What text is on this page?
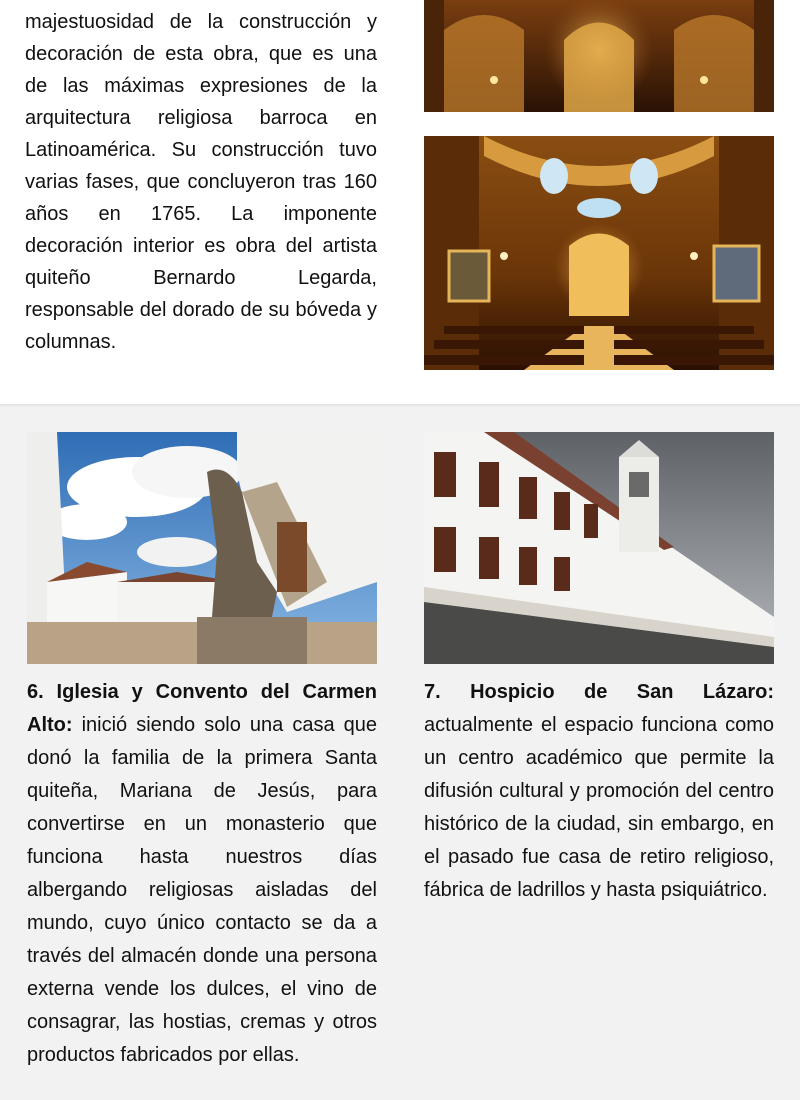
majestuosidad de la construcción y decoración de esta obra, que es una de las máximas expresiones de la arquitectura religiosa barroca en Latinoamérica. Su construcción tuvo varias fases, que concluyeron tras 160 años en 1765. La imponente decoración interior es obra del artista quiteño Bernardo Legarda, responsable del dorado de su bóveda y columnas.

6. Iglesia y Convento del Carmen Alto: inició siendo solo una casa que donó la familia de la primera Santa quiteña, Mariana de Jesús, para convertirse en un monasterio que funciona hasta nuestros días albergando religiosas aisladas del mundo, cuyo único contacto se da a través del almacén donde una persona externa vende los dulces, el vino de consagrar, las hostias, cremas y otros productos fabricados por ellas.

7. Hospicio de San Lázaro: actualmente el espacio funciona como un centro académico que permite la difusión cultural y promoción del centro histórico de la ciudad, sin embargo, en el pasado fue casa de retiro religioso, fábrica de ladrillos y hasta psiquiátrico.
